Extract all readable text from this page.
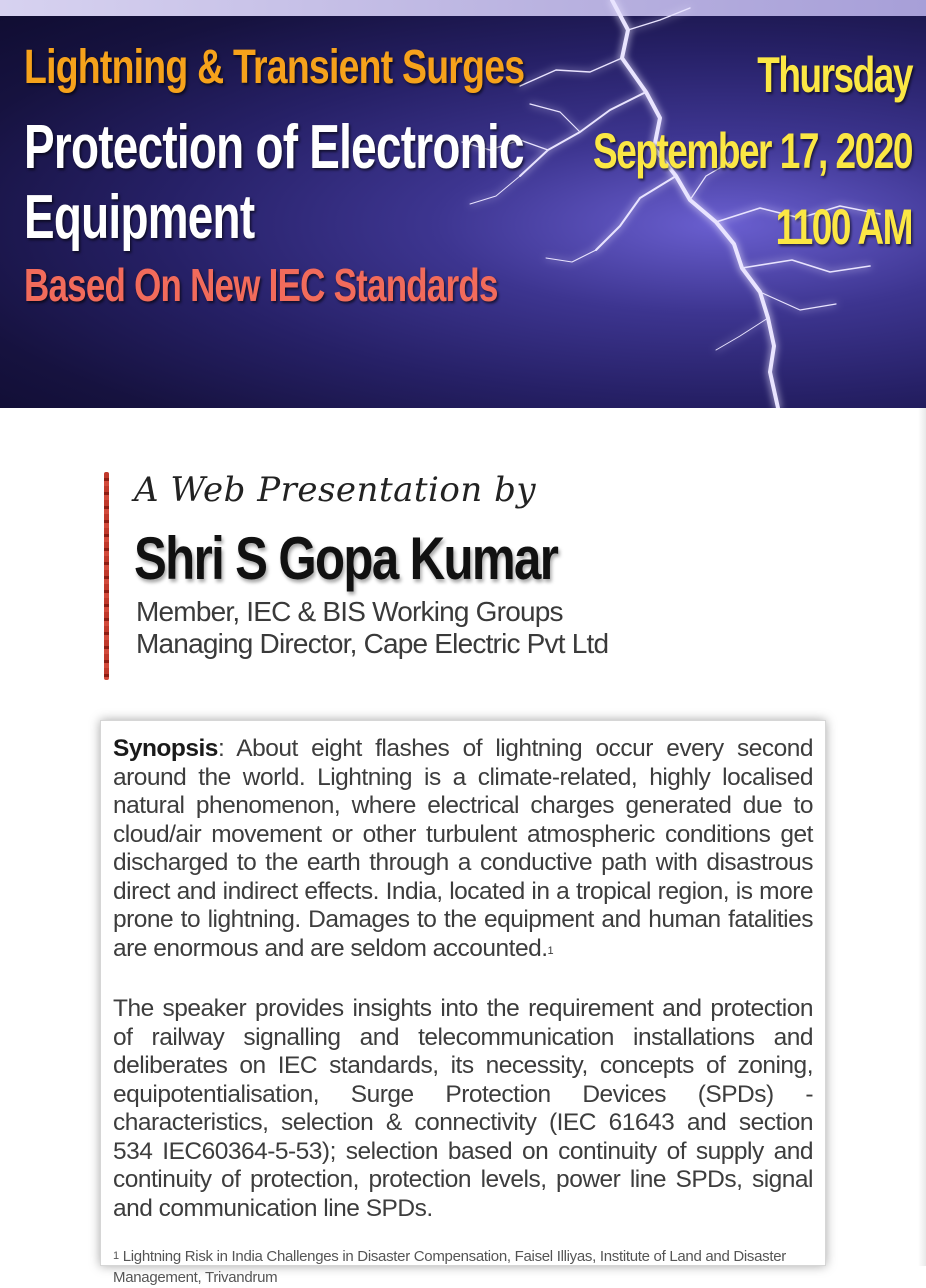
Lightning & Transient Surges
Protection of Electronic
Equipment
Based On New IEC Standards
Thursday
September 17, 2020
1100 AM
A Web Presentation by
Shri S Gopa Kumar
Member, IEC & BIS Working Groups
Managing Director, Cape Electric Pvt Ltd

Synopsis: About eight flashes of lightning occur every second around the world. Lightning is a climate-related, highly localised natural phenomenon, where electrical charges generated due to cloud/air movement or other turbulent atmospheric conditions get discharged to the earth through a conductive path with disastrous direct and indirect effects. India, located in a tropical region, is more prone to lightning. Damages to the equipment and human fatalities are enormous and are seldom accounted.1

The speaker provides insights into the requirement and protection of railway signalling and telecommunication installations and deliberates on IEC standards, its necessity, concepts of zoning, equipotentialisation, Surge Protection Devices (SPDs) - characteristics, selection & connectivity (IEC 61643 and section 534 IEC60364-5-53); selection based on continuity of supply and continuity of protection, protection levels, power line SPDs, signal and communication line SPDs.

1 Lightning Risk in India Challenges in Disaster Compensation, Faisel Illiyas, Institute of Land and Disaster Management, Trivandrum
